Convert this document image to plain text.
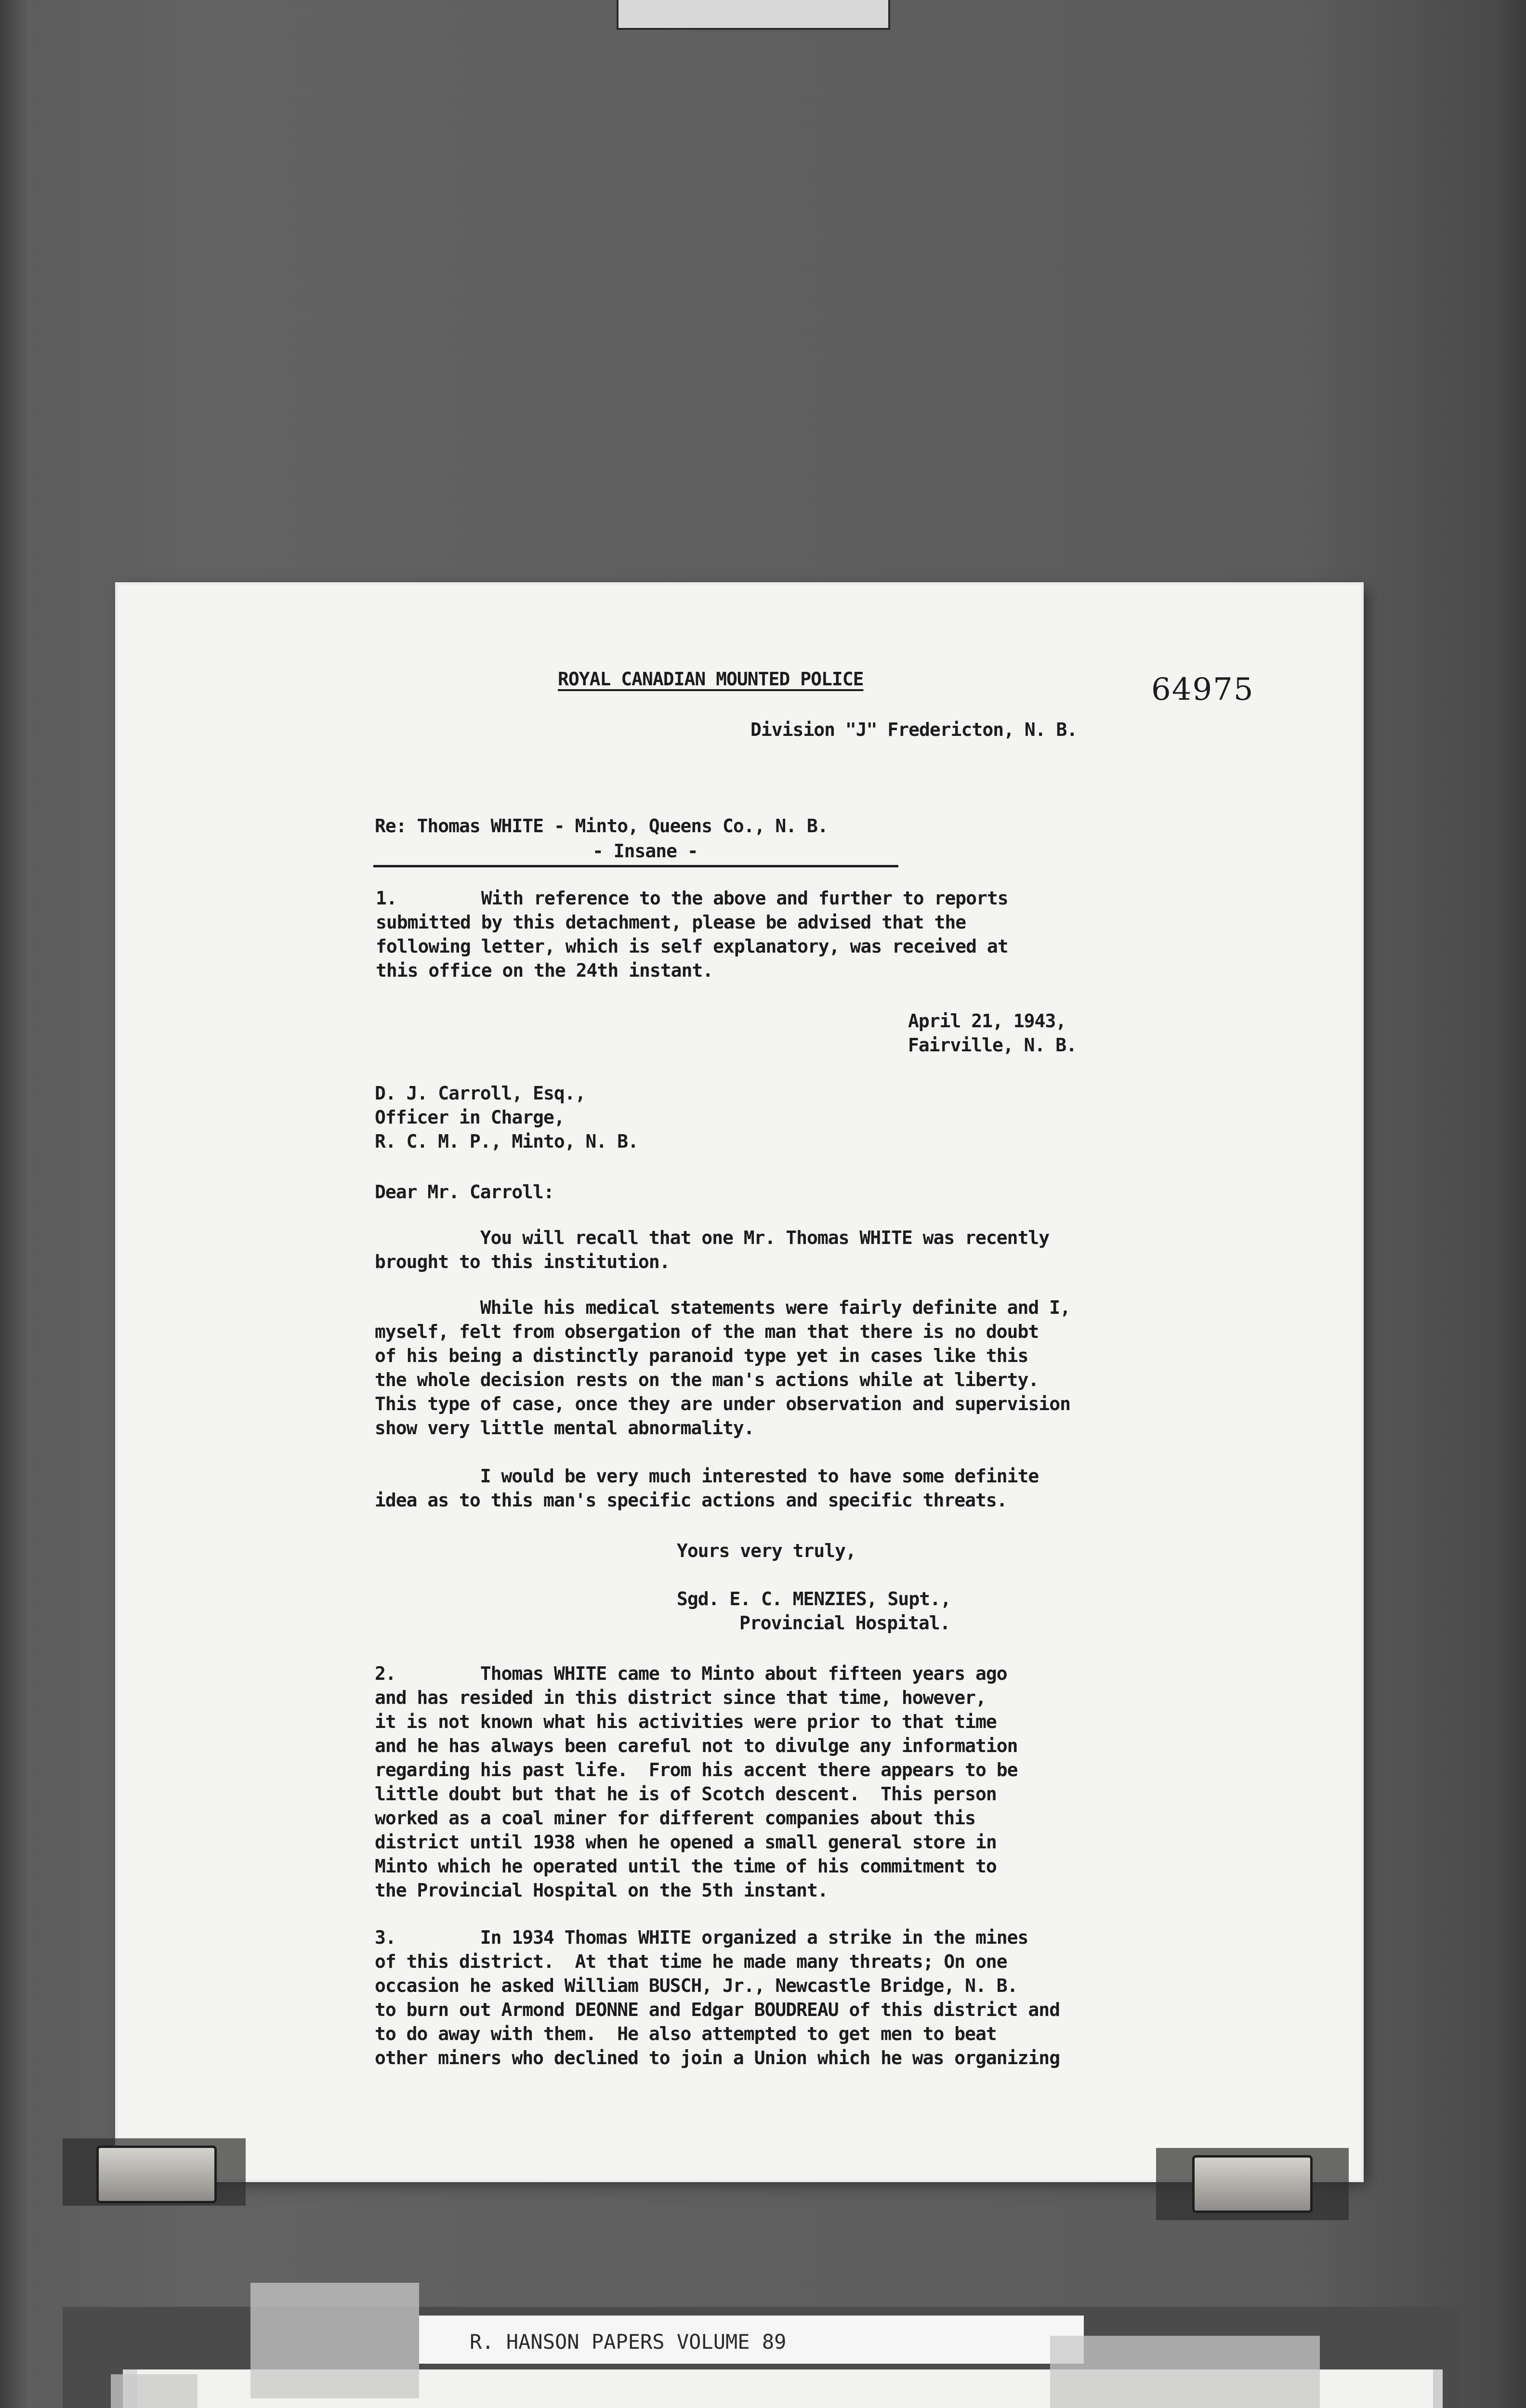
ROYAL CANADIAN MOUNTED POLICE	64975
Division "J" Fredericton, N. B.
Re: Thomas WHITE - Minto, Queens Co., N. B.
- Insane -
1.        With reference to the above and further to reports
submitted by this detachment, please be advised that the
following letter, which is self explanatory, was received at
this office on the 24th instant.
April 21, 1943,
Fairville, N. B.
D. J. Carroll, Esq.,
Officer in Charge,
R. C. M. P., Minto, N. B.
Dear Mr. Carroll:
You will recall that one Mr. Thomas WHITE was recently
brought to this institution.
While his medical statements were fairly definite and I,
myself, felt from obsergation of the man that there is no doubt
of his being a distinctly paranoid type yet in cases like this
the whole decision rests on the man's actions while at liberty.
This type of case, once they are under observation and supervision
show very little mental abnormality.
I would be very much interested to have some definite
idea as to this man's specific actions and specific threats.
Yours very truly,
Sgd. E. C. MENZIES, Supt.,
Provincial Hospital.
2.        Thomas WHITE came to Minto about fifteen years ago
and has resided in this district since that time, however,
it is not known what his activities were prior to that time
and he has always been careful not to divulge any information
regarding his past life.  From his accent there appears to be
little doubt but that he is of Scotch descent.  This person
worked as a coal miner for different companies about this
district until 1938 when he opened a small general store in
Minto which he operated until the time of his commitment to
the Provincial Hospital on the 5th instant.
3.        In 1934 Thomas WHITE organized a strike in the mines
of this district.  At that time he made many threats; On one
occasion he asked William BUSCH, Jr., Newcastle Bridge, N. B.
to burn out Armond DEONNE and Edgar BOUDREAU of this district and
to do away with them.  He also attempted to get men to beat
other miners who declined to join a Union which he was organizing
R. HANSON PAPERS VOLUME 89
